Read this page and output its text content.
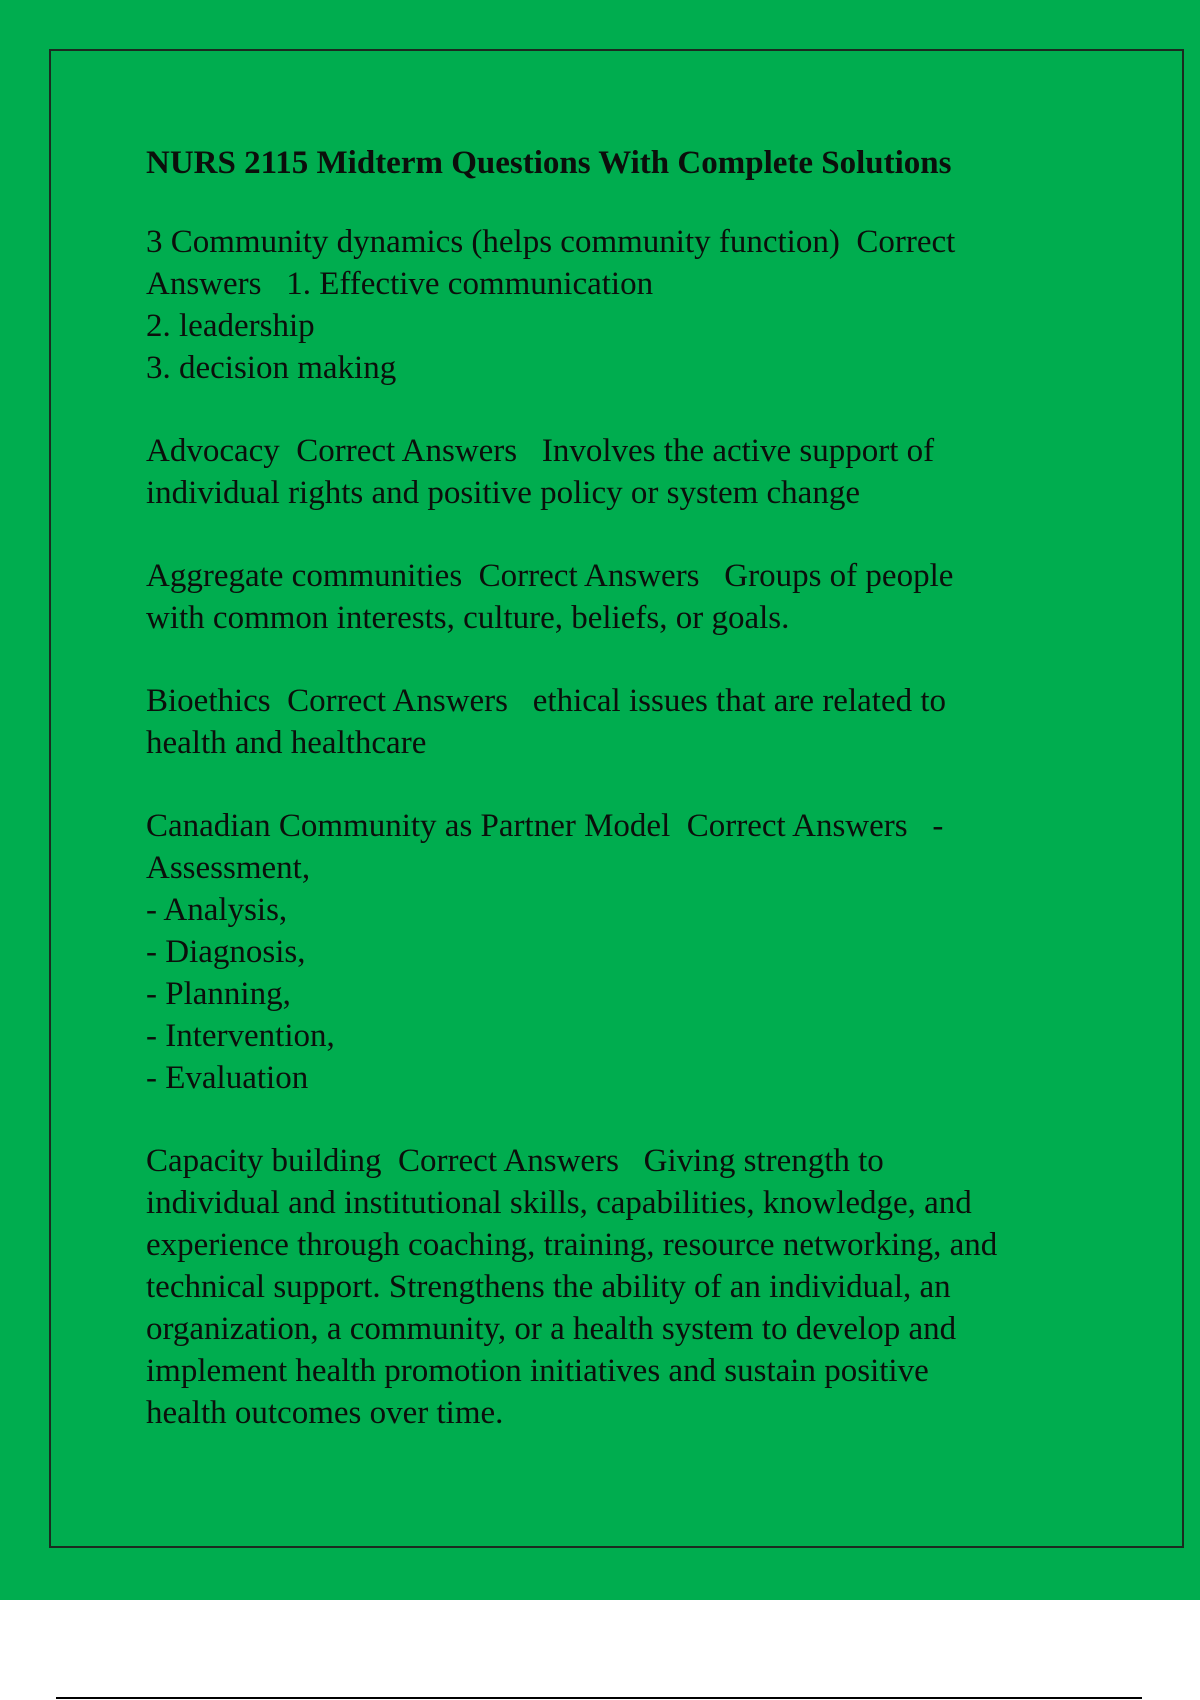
NURS 2115 Midterm Questions With Complete Solutions
3 Community dynamics (helps community function)  Correct
Answers   1. Effective communication
2. leadership
3. decision making
Advocacy  Correct Answers   Involves the active support of
individual rights and positive policy or system change
Aggregate communities  Correct Answers   Groups of people
with common interests, culture, beliefs, or goals.
Bioethics  Correct Answers   ethical issues that are related to
health and healthcare
Canadian Community as Partner Model  Correct Answers   -
Assessment,
- Analysis,
- Diagnosis,
- Planning,
- Intervention,
- Evaluation
Capacity building  Correct Answers   Giving strength to
individual and institutional skills, capabilities, knowledge, and
experience through coaching, training, resource networking, and
technical support. Strengthens the ability of an individual, an
organization, a community, or a health system to develop and
implement health promotion initiatives and sustain positive
health outcomes over time.
